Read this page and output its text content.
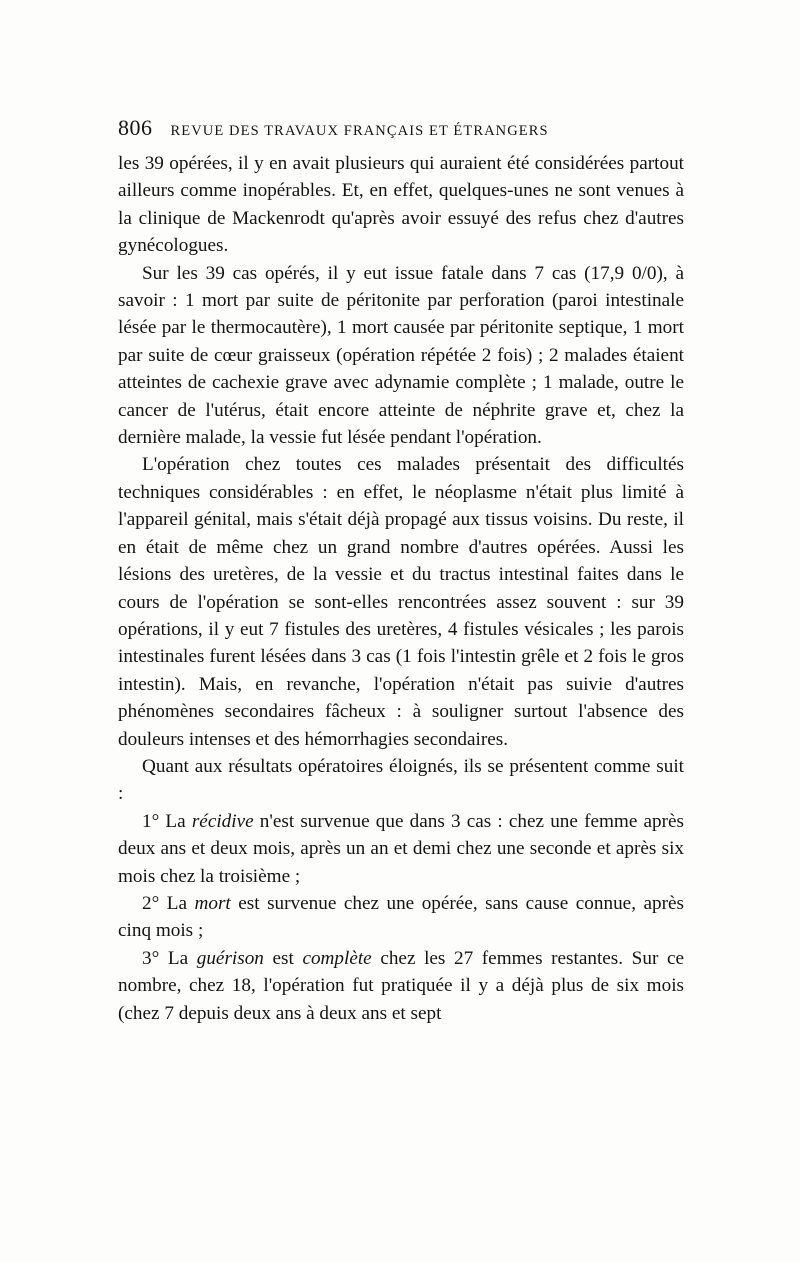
806 REVUE DES TRAVAUX FRANÇAIS ET ÉTRANGERS

les 39 opérées, il y en avait plusieurs qui auraient été considérées partout ailleurs comme inopérables. Et, en effet, quelques-unes ne sont venues à la clinique de Mackenrodt qu'après avoir essuyé des refus chez d'autres gynécologues.

Sur les 39 cas opérés, il y eut issue fatale dans 7 cas (17,9 0/0), à savoir : 1 mort par suite de péritonite par perforation (paroi intestinale lésée par le thermocautère), 1 mort causée par péritonite septique, 1 mort par suite de cœur graisseux (opération répétée 2 fois) ; 2 malades étaient atteintes de cachexie grave avec adynamie complète ; 1 malade, outre le cancer de l'utérus, était encore atteinte de néphrite grave et, chez la dernière malade, la vessie fut lésée pendant l'opération.

L'opération chez toutes ces malades présentait des difficultés techniques considérables : en effet, le néoplasme n'était plus limité à l'appareil génital, mais s'était déjà propagé aux tissus voisins. Du reste, il en était de même chez un grand nombre d'autres opérées. Aussi les lésions des uretères, de la vessie et du tractus intestinal faites dans le cours de l'opération se sont-elles rencontrées assez souvent : sur 39 opérations, il y eut 7 fistules des uretères, 4 fistules vésicales ; les parois intestinales furent lésées dans 3 cas (1 fois l'intestin grêle et 2 fois le gros intestin). Mais, en revanche, l'opération n'était pas suivie d'autres phénomènes secondaires fâcheux : à souligner surtout l'absence des douleurs intenses et des hémorrhagies secondaires.

Quant aux résultats opératoires éloignés, ils se présentent comme suit :

1° La récidive n'est survenue que dans 3 cas : chez une femme après deux ans et deux mois, après un an et demi chez une seconde et après six mois chez la troisième ;

2° La mort est survenue chez une opérée, sans cause connue, après cinq mois ;

3° La guérison est complète chez les 27 femmes restantes. Sur ce nombre, chez 18, l'opération fut pratiquée il y a déjà plus de six mois (chez 7 depuis deux ans à deux ans et sept
